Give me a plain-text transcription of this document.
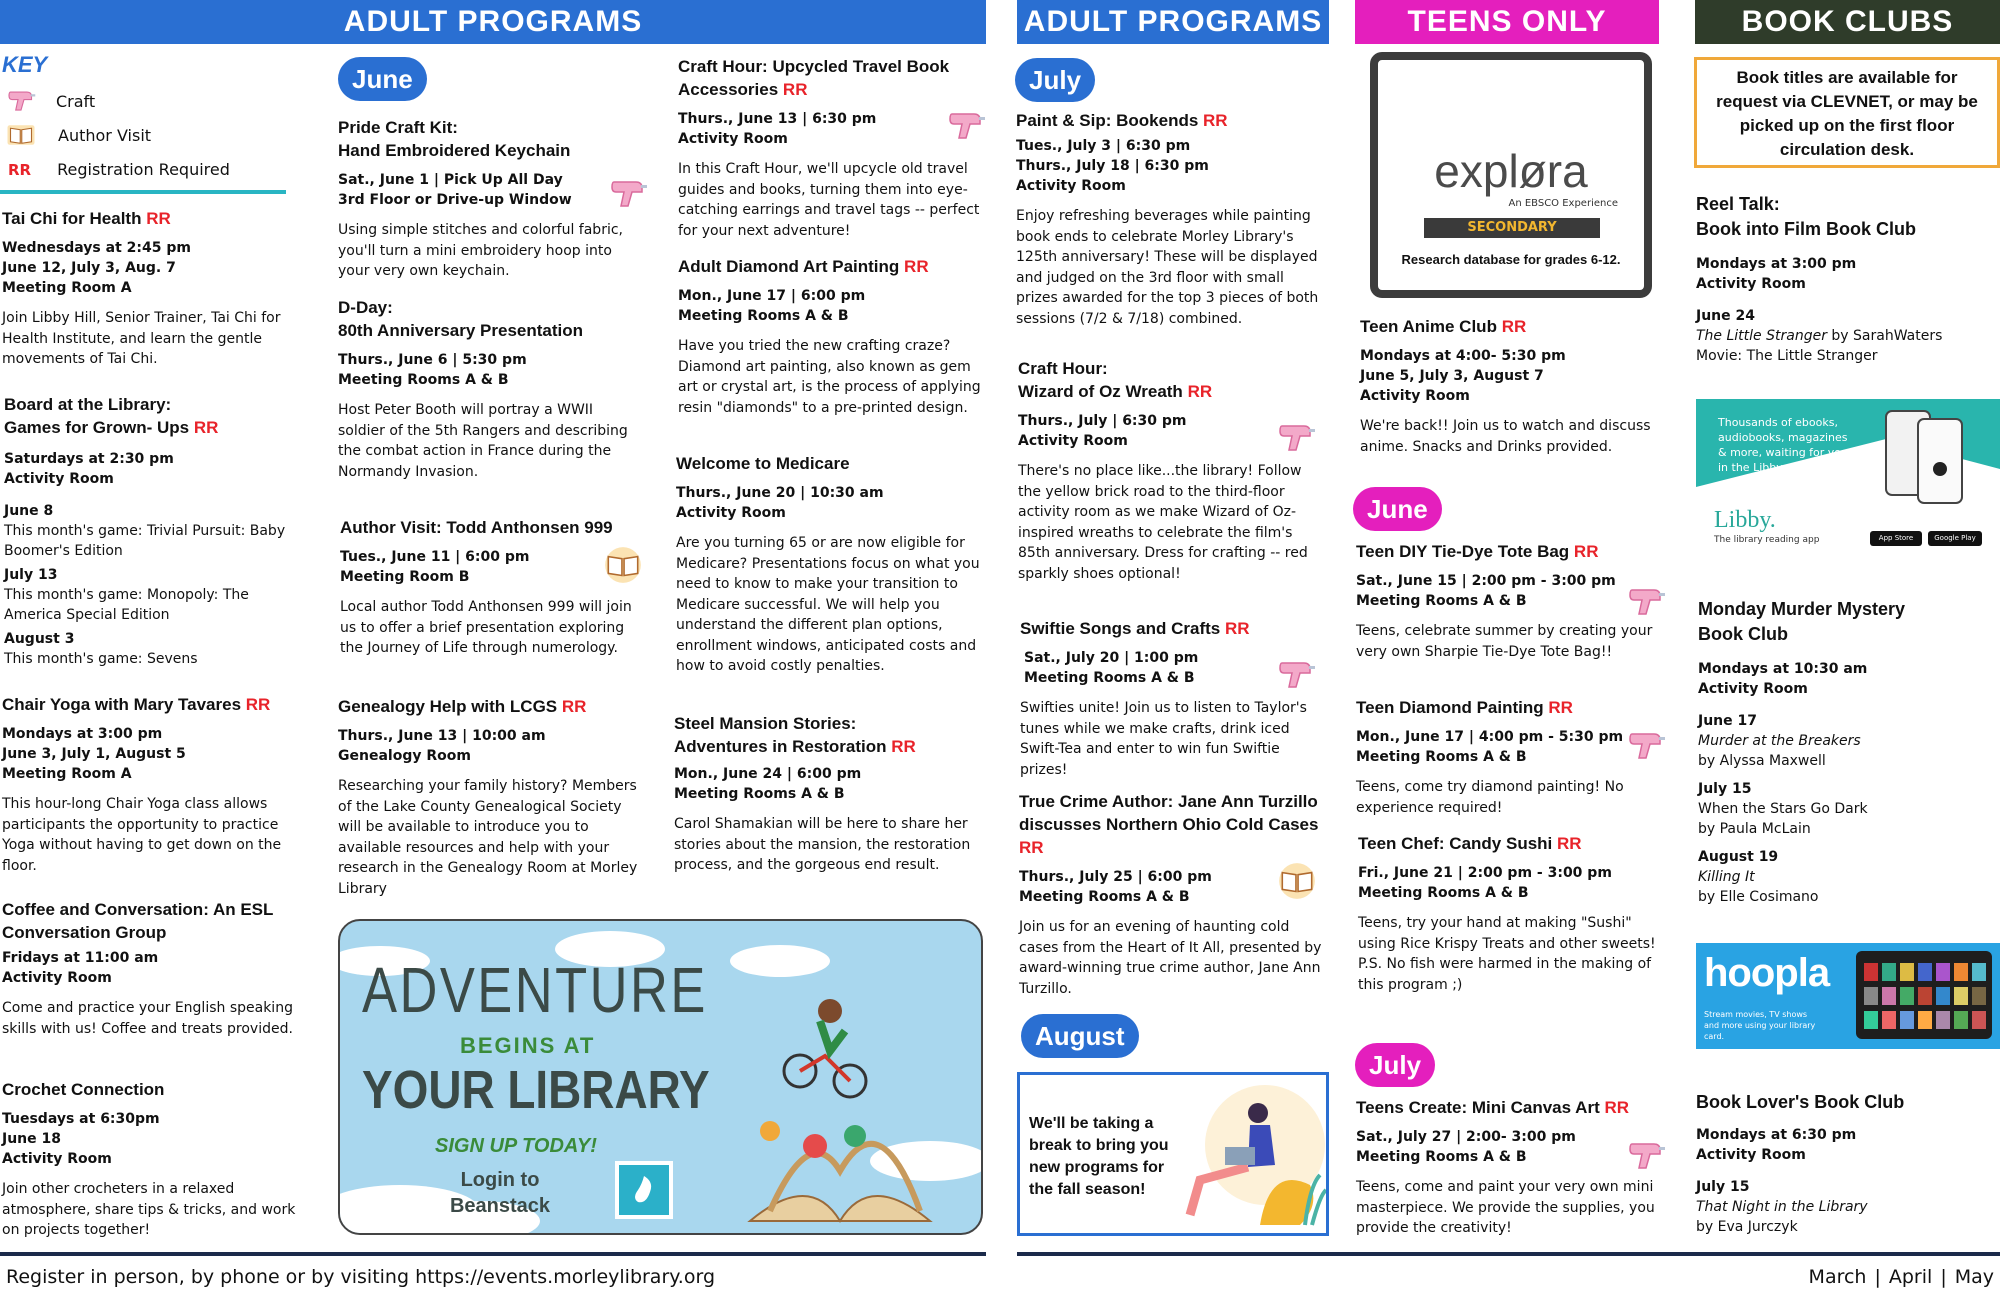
ADULT PROGRAMS	ADULT PROGRAMS	TEENS ONLY	BOOK CLUBS
KEY
Craft
Author Visit
RR Registration Required
Tai Chi for Health RR
Wednesdays at 2:45 pm
June 12, July 3, Aug. 7
Meeting Room A
Join Libby Hill, Senior Trainer, Tai Chi for Health Institute, and learn the gentle movements of Tai Chi.
Board at the Library:
Games for Grown- Ups RR
Saturdays at 2:30 pm
Activity Room
June 8
This month's game: Trivial Pursuit: Baby Boomer's Edition
July 13
This month's game: Monopoly: The America Special Edition
August 3
This month's game: Sevens
Chair Yoga with Mary Tavares RR
Mondays at 3:00 pm
June 3, July 1, August 5
Meeting Room A
This hour-long Chair Yoga class allows participants the opportunity to practice Yoga without having to get down on the floor.
Coffee and Conversation: An ESL Conversation Group
Fridays at 11:00 am
Activity Room
Come and practice your English speaking skills with us! Coffee and treats provided.
Crochet Connection
Tuesdays at 6:30pm
June 18
Activity Room
Join other crocheters in a relaxed atmosphere, share tips & tricks, and work on projects together!
June
Pride Craft Kit:
Hand Embroidered Keychain
Sat., June 1 | Pick Up All Day
3rd Floor or Drive-up Window
Using simple stitches and colorful fabric, you'll turn a mini embroidery hoop into your very own keychain.
D-Day:
80th Anniversary Presentation
Thurs., June 6 | 5:30 pm
Meeting Rooms A & B
Host Peter Booth will portray a WWII soldier of the 5th Rangers and describing the combat action in France during the Normandy Invasion.
Author Visit: Todd Anthonsen 999
Tues., June 11 | 6:00 pm
Meeting Room B
Local author Todd Anthonsen 999 will join us to offer a brief presentation exploring the Journey of Life through numerology.
Genealogy Help with LCGS RR
Thurs., June 13 | 10:00 am
Genealogy Room
Researching your family history? Members of the Lake County Genealogical Society will be available to introduce you to available resources and help with your research in the Genealogy Room at Morley Library
Craft Hour: Upcycled Travel Book Accessories RR
Thurs., June 13 | 6:30 pm
Activity Room
In this Craft Hour, we'll upcycle old travel guides and books, turning them into eye-catching earrings and travel tags -- perfect for your next adventure!
Adult Diamond Art Painting RR
Mon., June 17 | 6:00 pm
Meeting Rooms A & B
Have you tried the new crafting craze? Diamond art painting, also known as gem art or crystal art, is the process of applying resin "diamonds" to a pre-printed design.
Welcome to Medicare
Thurs., June 20 | 10:30 am
Activity Room
Are you turning 65 or are now eligible for Medicare? Presentations focus on what you need to know to make your transition to Medicare successful. We will help you understand the different plan options, enrollment windows, anticipated costs and how to avoid costly penalties.
Steel Mansion Stories:
Adventures in Restoration RR
Mon., June 24 | 6:00 pm
Meeting Rooms A & B
Carol Shamakian will be here to share her stories about the mansion, the restoration process, and the gorgeous end result.
ADVENTURE
BEGINS AT
YOUR LIBRARY
SIGN UP TODAY!
Login to
Beanstack
July
Paint & Sip: Bookends RR
Tues., July 3 | 6:30 pm
Thurs., July 18 | 6:30 pm
Activity Room
Enjoy refreshing beverages while painting book ends to celebrate Morley Library's 125th anniversary! These will be displayed and judged on the 3rd floor with small prizes awarded for the top 3 pieces of both sessions (7/2 & 7/18) combined.
Craft Hour:
Wizard of Oz Wreath RR
Thurs., July | 6:30 pm
Activity Room
There's no place like...the library! Follow the yellow brick road to the third-floor activity room as we make Wizard of Oz-inspired wreaths to celebrate the film's 85th anniversary. Dress for crafting -- red sparkly shoes optional!
Swiftie Songs and Crafts RR
Sat., July 20 | 1:00 pm
Meeting Rooms A & B
Swifties unite! Join us to listen to Taylor's tunes while we make crafts, drink iced Swift-Tea and enter to win fun Swiftie prizes!
True Crime Author: Jane Ann Turzillo discusses Northern Ohio Cold Cases  RR
Thurs., July 25 | 6:00 pm
Meeting Rooms A & B
Join us for an evening of haunting cold cases from the Heart of It All, presented by award-winning true crime author, Jane Ann Turzillo.
August
We'll be taking a break to bring you new programs for the fall season!
expløra
An EBSCO Experience
SECONDARY
Research database for grades 6-12.
Teen Anime Club RR
Mondays at 4:00- 5:30 pm
June 5, July 3, August 7
Activity Room
We're back!! Join us to watch and discuss anime. Snacks and Drinks provided.
June
Teen DIY Tie-Dye Tote Bag RR
Sat., June 15 | 2:00 pm - 3:00 pm
Meeting Rooms A & B
Teens, celebrate summer by creating your very own Sharpie Tie-Dye Tote Bag!!
Teen Diamond Painting RR
Mon., June 17 | 4:00 pm - 5:30 pm
Meeting Rooms A & B
Teens, come try diamond painting! No experience required!
Teen Chef: Candy Sushi RR
Fri., June 21 | 2:00 pm - 3:00 pm
Meeting Rooms A & B
Teens, try your hand at making "Sushi" using Rice Krispy Treats and other sweets!
P.S. No fish were harmed in the making of this program ;)
July
Teens Create: Mini Canvas Art RR
Sat., July 27 | 2:00- 3:00 pm
Meeting Rooms A & B
Teens, come and paint your very own mini masterpiece. We provide the supplies, you provide the creativity!
Book titles are available for request via CLEVNET, or may be picked up on the first floor circulation desk.
Reel Talk:
Book into Film Book Club
Mondays at 3:00 pm
Activity Room
June 24
The Little Stranger by SarahWaters
Movie: The Little Stranger
Thousands of ebooks, audiobooks, magazines & more, waiting for you in the Libby app.
Libby.
The library reading app	App Store	Google Play
Monday Murder Mystery
Book Club
Mondays at 10:30 am
Activity Room
June 17
Murder at the Breakers
by Alyssa Maxwell
July 15
When the Stars Go Dark
by Paula McLain
August 19
Killing It
by Elle Cosimano
hoopla
Stream movies, TV shows and more using your library card.
Book Lover's Book Club
Mondays at 6:30 pm
Activity Room
July 15
That Night in the Library
by Eva Jurczyk
Register in person, by phone or by visiting https://events.morleylibrary.org	March | April | May
